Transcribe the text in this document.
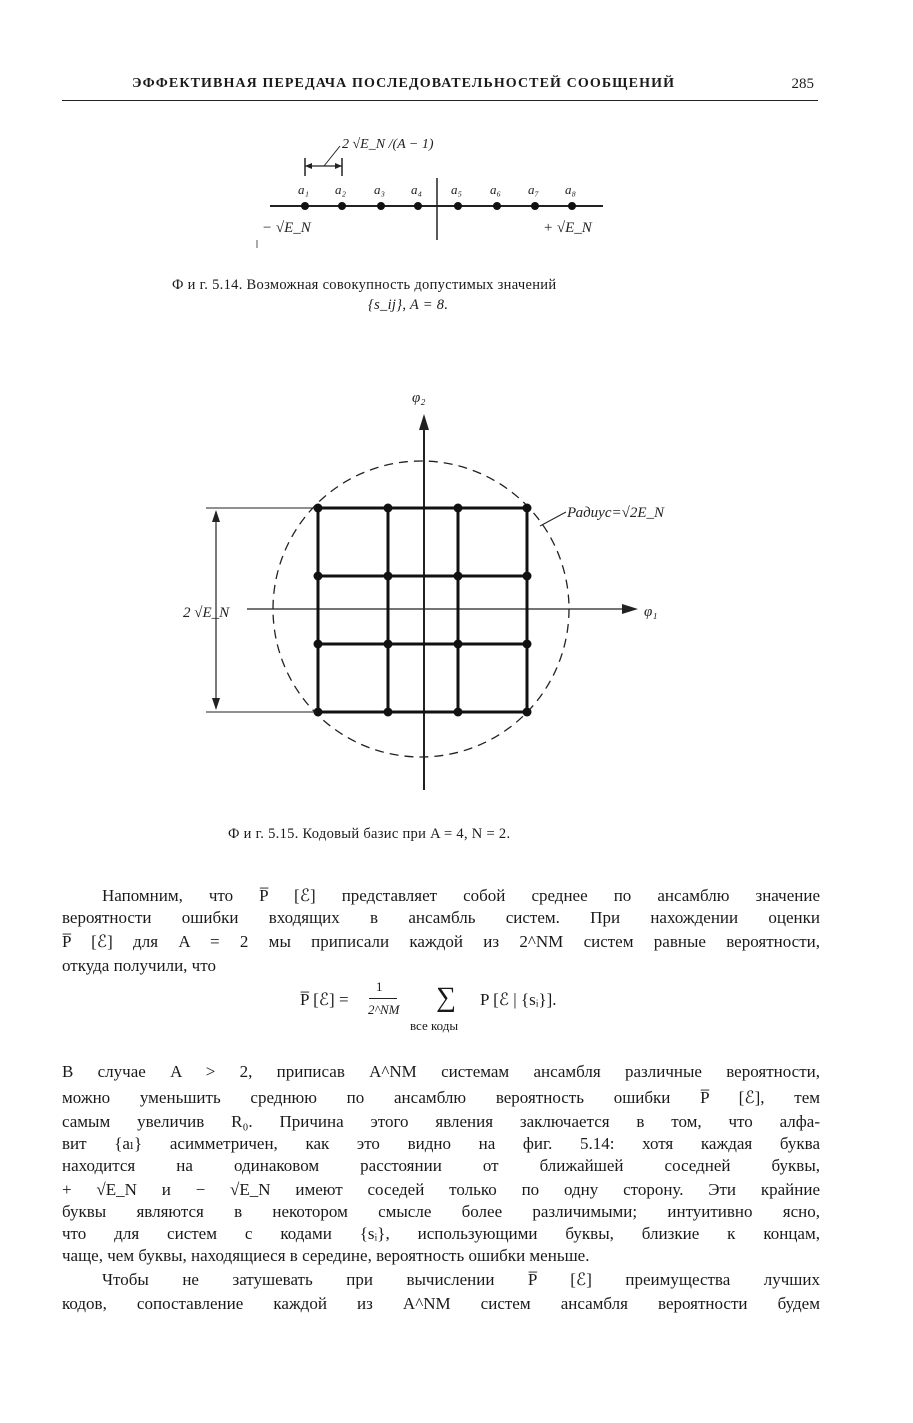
ЭФФЕКТИВНАЯ ПЕРЕДАЧА ПОСЛЕДОВАТЕЛЬНОСТЕЙ СООБЩЕНИЙ	285
2 √E_N /(A − 1)
a₁ a₂ a₃ a₄ a₅ a₆ a₇ a₈
− √E_N	+ √E_N
Ф и г. 5.14. Возможная совокупность допустимых значений
{s_ij}, A = 8.
φ₂
φ₁
Радиус=√2E_N
2 √E_N
Ф и г. 5.15. Кодовый базис при A = 4, N = 2.
Напомним, что P̅ [ℰ] представляет собой среднее по ансамблю значение
вероятности ошибки входящих в ансамбль систем. При нахождении оценки
P̅ [ℰ] для A = 2 мы приписали каждой из 2^NM систем равные вероятности,
откуда получили, что
P̅ [ℰ] =
1
2^NM ∑
все коды
P [ℰ | {sᵢ}].
В случае A > 2, приписав A^NM системам ансамбля различные вероятности,
можно уменьшить среднюю по ансамблю вероятность ошибки P̅ [ℰ], тем
самым увеличив R₀. Причина этого явления заключается в том, что алфа-
вит {aₗ} асимметричен, как это видно на фиг. 5.14: хотя каждая буква
находится на одинаковом расстоянии от ближайшей соседней буквы,
+ √E_N и − √E_N имеют соседей только по одну сторону. Эти крайние
буквы являются в некотором смысле более различимыми; интуитивно ясно,
что для систем с кодами {sᵢ}, использующими буквы, близкие к концам,
чаще, чем буквы, находящиеся в середине, вероятность ошибки меньше.
Чтобы не затушевать при вычислении P̅ [ℰ] преимущества лучших
кодов, сопоставление каждой из A^NM систем ансамбля вероятности будем
